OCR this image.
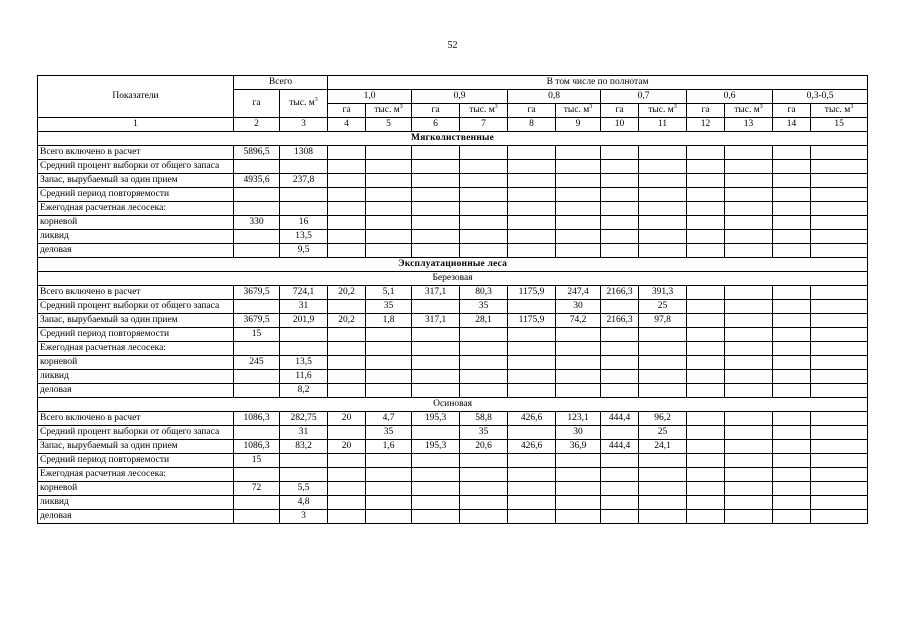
52
Показатели	Всего		В том числе по полнотам											
	га	тыс. $м^3$	1,0		0,9		0,8		0,7		0,6		0,3-0,5	
			га	тыс. $м^3$	га	тыс. $м^3$	га	тыс. $м^3$	га	тыс. $м^3$	га	тыс. $м^3$	га	тыс. $м^3$
1	2	3	4	5	6	7	8	9	10	11	12	13	14	15
Мягколиственные														
Всего включено в расчет	5896,5	1308												
Средний процент выборки от общего запаса														
Запас, вырубаемый за один прием	4935,6	237,8												
Средний период повторяемости														
Ежегодная расчетная лесосека:														
корневой	330	16												
ликвид		13,5												
деловая		9,5												
Эксплуатационные леса														
Березовая														
Всего включено в расчет	3679,5	724,1	20,2	5,1	317,1	80,3	1175,9	247,4	2166,3	391,3				
Средний процент выборки от общего запаса		31		35		35		30		25				
Запас, вырубаемый за один прием	3679,5	201,9	20,2	1,8	317,1	28,1	1175,9	74,2	2166,3	97,8				
Средний период повторяемости	15													
Ежегодная расчетная лесосека:														
корневой	245	13,5												
ликвид		11,6												
деловая		8,2												
Осиновая														
Всего включено в расчет	1086,3	282,75	20	4,7	195,3	58,8	426,6	123,1	444,4	96,2				
Средний процент выборки от общего запаса		31		35		35		30		25				
Запас, вырубаемый за один прием	1086,3	83,2	20	1,6	195,3	20,6	426,6	36,9	444,4	24,1				
Средний период повторяемости	15													
Ежегодная расчетная лесосека:														
корневой	72	5,5												
ликвид		4,8												
деловая		3												
